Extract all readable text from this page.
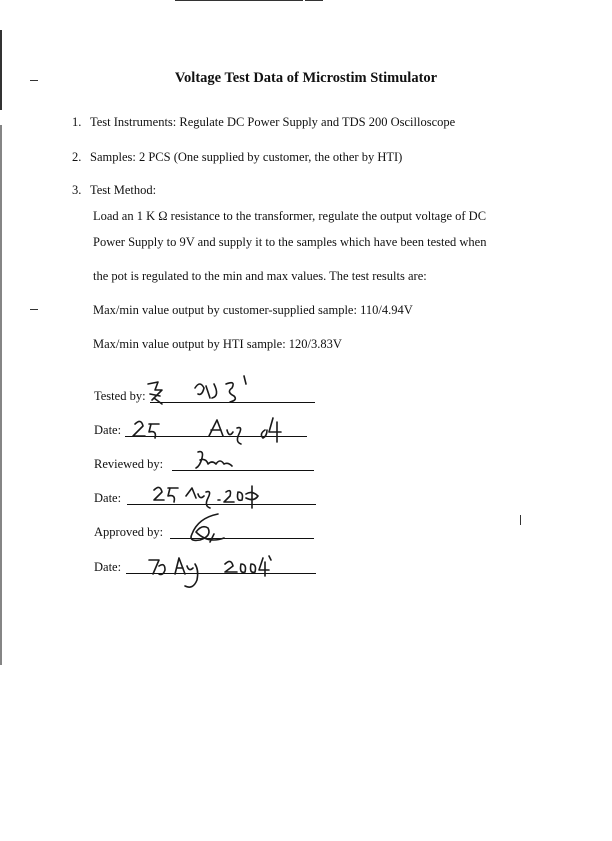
Voltage Test Data of Microstim Stimulator
1. Test Instruments: Regulate DC Power Supply and TDS 200 Oscilloscope
2. Samples: 2 PCS (One supplied by customer, the other by HTI)
3. Test Method:
Load an 1 K Ω resistance to the transformer, regulate the output voltage of DC
Power Supply to 9V and supply it to the samples which have been tested when
the pot is regulated to the min and max values. The test results are:
Max/min value output by customer-supplied sample: 110/4.94V
Max/min value output by HTI sample: 120/3.83V
Tested by:
Date:
Reviewed by:
Date:
Approved by:
Date:
